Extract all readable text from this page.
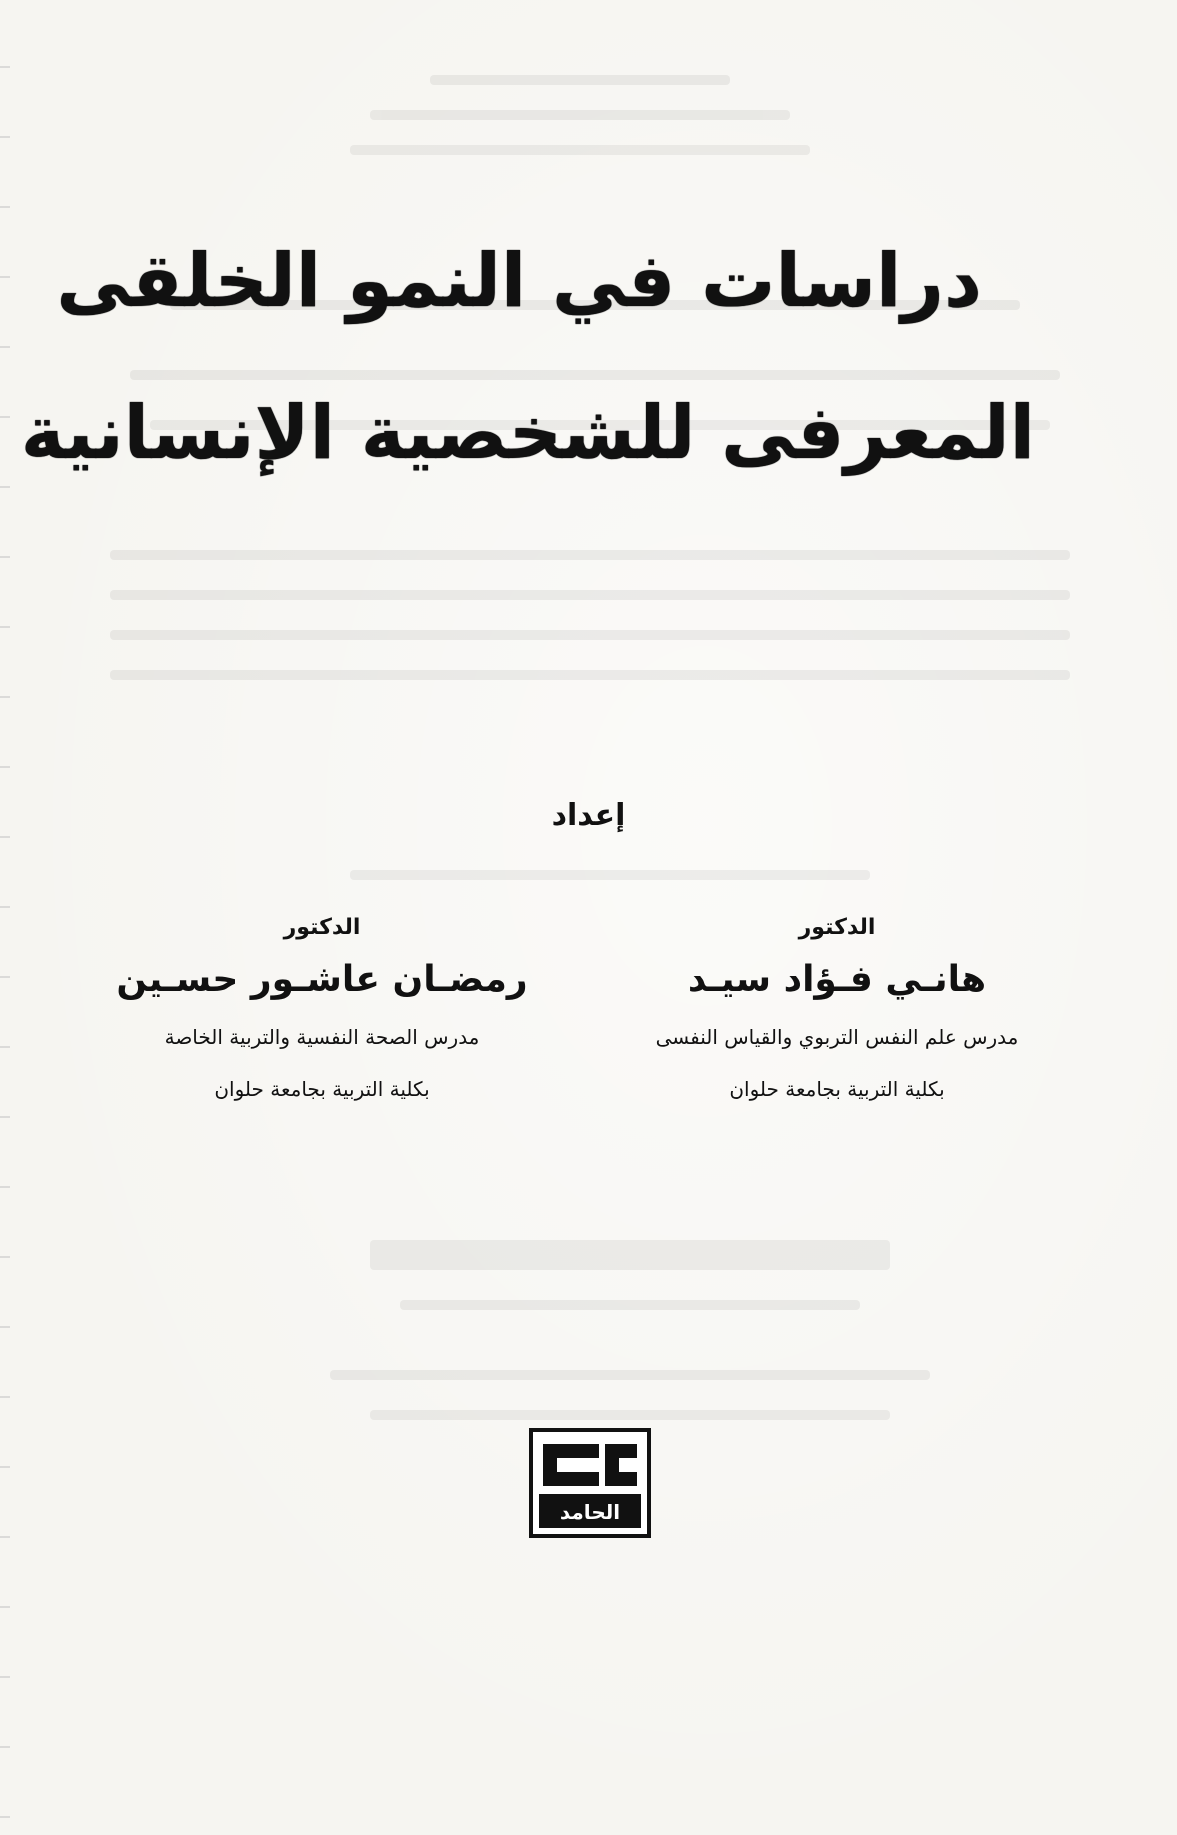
دراسات في النمو الخلقى
المعرفى للشخصية الإنسانية
إعداد
الدكتور
هانـي فـؤاد سيـد
مدرس علم النفس التربوي والقياس النفسى
بكلية التربية بجامعة حلوان
الدكتور
رمضـان عاشـور حسـين
مدرس الصحة النفسية والتربية الخاصة
بكلية التربية بجامعة حلوان
الحامد
